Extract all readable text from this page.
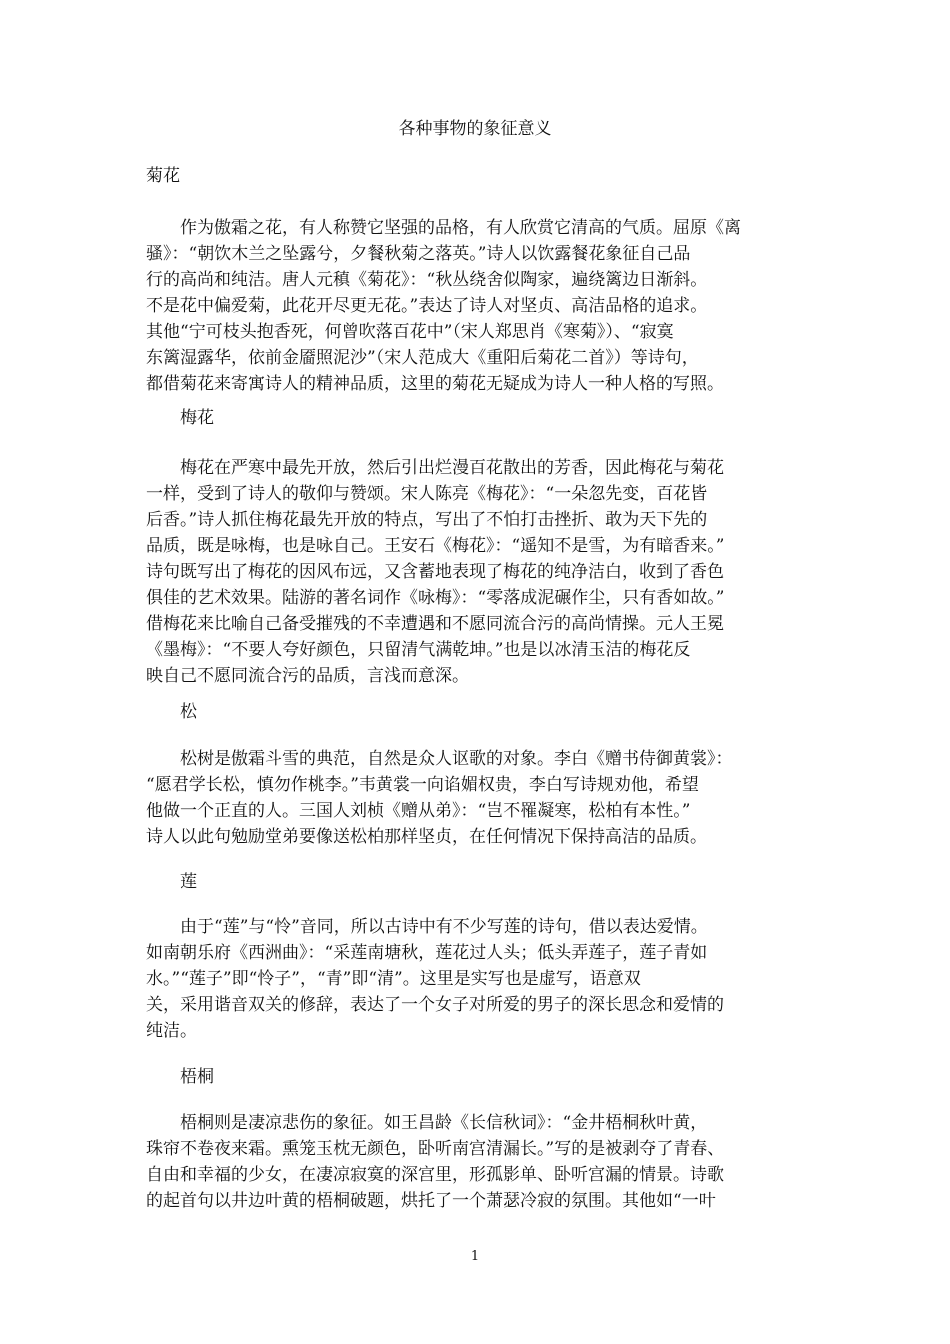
各种事物的象征意义
菊花
作为傲霜之花，有人称赞它坚强的品格，有人欣赏它清高的气质。屈原《离
骚》：“朝饮木兰之坠露兮，夕餐秋菊之落英。”诗人以饮露餐花象征自己品
行的高尚和纯洁。唐人元稹《菊花》：“秋丛绕舍似陶家，遍绕篱边日渐斜。
不是花中偏爱菊，此花开尽更无花。”表达了诗人对坚贞、高洁品格的追求。
其他“宁可枝头抱香死，何曾吹落百花中”（宋人郑思肖《寒菊》）、“寂寞
东篱湿露华，依前金靥照泥沙”（宋人范成大《重阳后菊花二首》）等诗句，
都借菊花来寄寓诗人的精神品质，这里的菊花无疑成为诗人一种人格的写照。
梅花
梅花在严寒中最先开放，然后引出烂漫百花散出的芳香，因此梅花与菊花
一样，受到了诗人的敬仰与赞颂。宋人陈亮《梅花》：“一朵忽先变，百花皆
后香。”诗人抓住梅花最先开放的特点，写出了不怕打击挫折、敢为天下先的
品质，既是咏梅，也是咏自己。王安石《梅花》：“遥知不是雪，为有暗香来。”
诗句既写出了梅花的因风布远，又含蓄地表现了梅花的纯净洁白，收到了香色
俱佳的艺术效果。陆游的著名词作《咏梅》：“零落成泥碾作尘，只有香如故。”
借梅花来比喻自己备受摧残的不幸遭遇和不愿同流合污的高尚情操。元人王冕
《墨梅》：“不要人夸好颜色，只留清气满乾坤。”也是以冰清玉洁的梅花反
映自己不愿同流合污的品质，言浅而意深。
松
松树是傲霜斗雪的典范，自然是众人讴歌的对象。李白《赠书侍御黄裳》：
“愿君学长松，慎勿作桃李。”韦黄裳一向谄媚权贵，李白写诗规劝他，希望
他做一个正直的人。三国人刘桢《赠从弟》：“岂不罹凝寒，松柏有本性。”
诗人以此句勉励堂弟要像送松柏那样坚贞，在任何情况下保持高洁的品质。
莲
由于“莲”与“怜”音同，所以古诗中有不少写莲的诗句，借以表达爱情。
如南朝乐府《西洲曲》：“采莲南塘秋，莲花过人头；低头弄莲子，莲子青如
水。”“莲子”即“怜子”，“青”即“清”。这里是实写也是虚写，语意双
关，采用谐音双关的修辞，表达了一个女子对所爱的男子的深长思念和爱情的
纯洁。
梧桐
梧桐则是凄凉悲伤的象征。如王昌龄《长信秋词》：“金井梧桐秋叶黄，
珠帘不卷夜来霜。熏笼玉枕无颜色，卧听南宫清漏长。”写的是被剥夺了青春、
自由和幸福的少女，在凄凉寂寞的深宫里，形孤影单、卧听宫漏的情景。诗歌
的起首句以井边叶黄的梧桐破题，烘托了一个萧瑟冷寂的氛围。其他如“一叶
1
